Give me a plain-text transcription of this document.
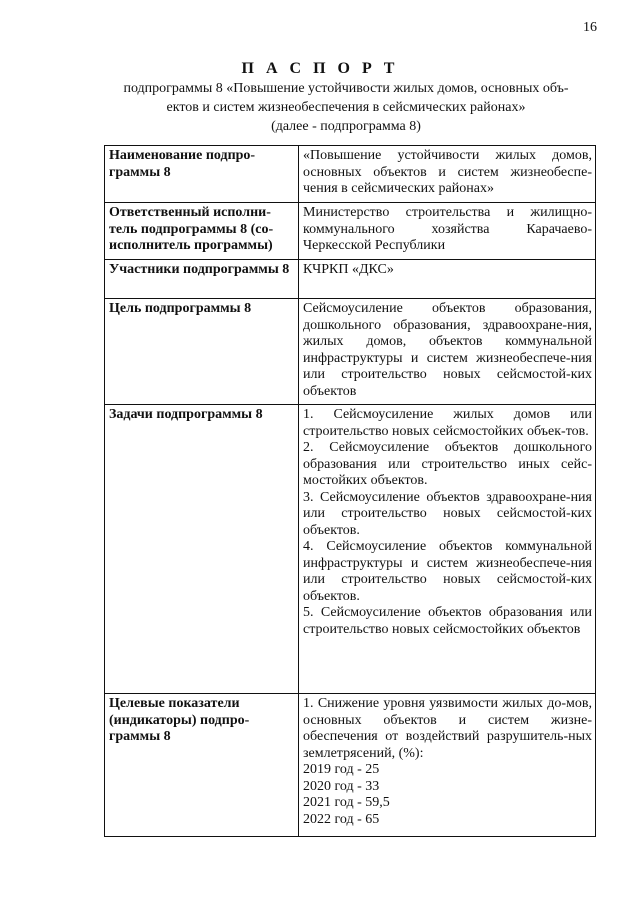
16
П А С П О Р Т
подпрограммы 8 «Повышение устойчивости жилых домов, основных объ-
ектов и систем жизнеобеспечения в сейсмических районах»
(далее - подпрограмма 8)
Наименование подпро-граммы 8	«Повышение устойчивости жилых домов, основных объектов и систем жизнеобеспе-чения в сейсмических районах»

Ответственный исполни-тель подпрограммы 8 (со-исполнитель программы)	Министерство строительства и жилищно-коммунального хозяйства Карачаево-Черкесской Республики

Участники подпрограммы 8	КЧРКП «ДКС»

Цель подпрограммы 8	Сейсмоусиление объектов образования, дошкольного образования, здравоохране-ния, жилых домов, объектов коммунальной инфраструктуры и систем жизнеобеспече-ния или строительство новых сейсмостой-ких объектов

Задачи подпрограммы 8	1. Сейсмоусиление жилых домов или строительство новых сейсмостойких объек-тов.
2. Сейсмоусиление объектов дошкольного образования или строительство иных сейс-мостойких объектов.
3. Сейсмоусиление объектов здравоохране-ния или строительство новых сейсмостой-ких объектов.
4. Сейсмоусиление объектов коммунальной инфраструктуры и систем жизнеобеспече-ния или строительство новых сейсмостой-ких объектов.
5. Сейсмоусиление объектов образования или строительство новых сейсмостойких объектов

Целевые показатели (индикаторы) подпро-граммы 8	1. Снижение уровня уязвимости жилых до-мов, основных объектов и систем жизне-обеспечения от воздействий разрушитель-ных землетрясений, (%):
2019 год - 25
2020 год - 33
2021 год - 59,5
2022 год - 65
